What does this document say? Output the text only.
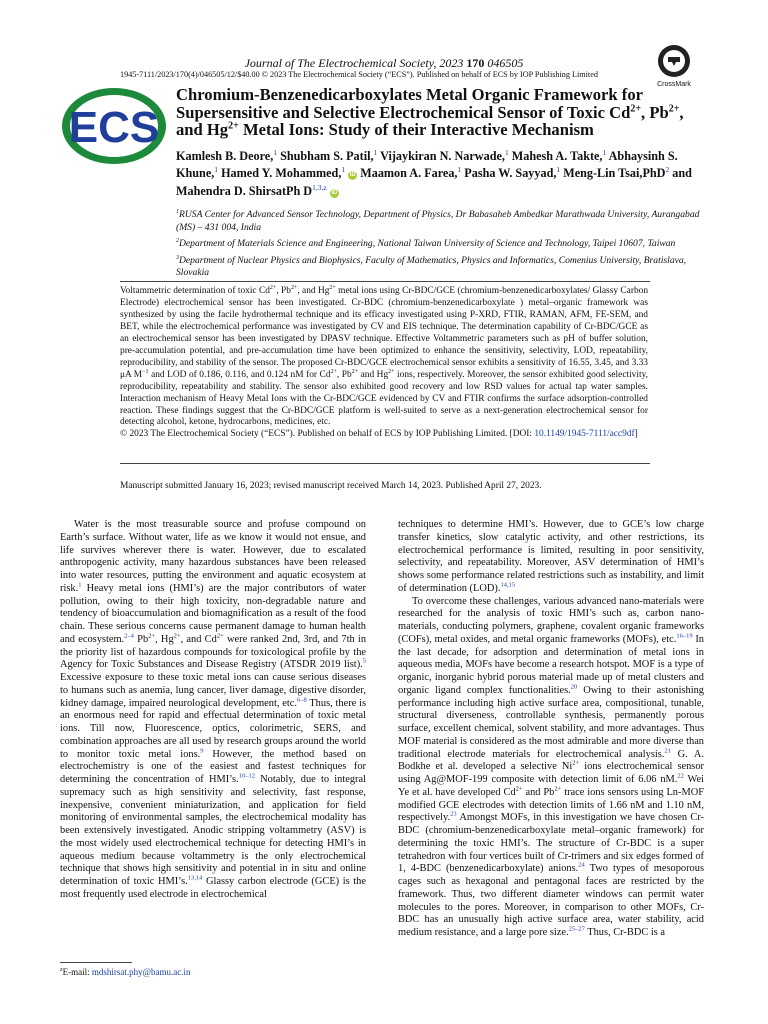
Journal of The Electrochemical Society, 2023 170 046505
1945-7111/2023/170(4)/046505/12/$40.00 © 2023 The Electrochemical Society (“ECS”). Published on behalf of ECS by IOP Publishing Limited
CrossMark
ECS
Chromium-Benzenedicarboxylates Metal Organic Framework for Supersensitive and Selective Electrochemical Sensor of Toxic $Cd^{2+}$, $Pb^{2+}$, and $Hg^{2+}$ Metal Ions: Study of their Interactive Mechanism
Kamlesh B. Deore,$^1$ Shubham S. Patil,$^1$ Vijaykiran N. Narwade,$^1$ Mahesh A. Takte,$^1$ Abhaysinh S. Khune,$^1$ Hamed Y. Mohammed,$^1$ iD Maamon A. Farea,$^1$ Pasha W. Sayyad,$^1$ Meng-Lin Tsai,PhD$^2$ and Mahendra D. ShirsatPh D$^{1,3,z}$ iD

$^1$RUSA Center for Advanced Sensor Technology, Department of Physics, Dr Babasaheb Ambedkar Marathwada University, Aurangabad (MS) – 431 004, India

$^2$Department of Materials Science and Engineering, National Taiwan University of Science and Technology, Taipei 10607, Taiwan

$^3$Department of Nuclear Physics and Biophysics, Faculty of Mathematics, Physics and Informatics, Comenius University, Bratislava, Slovakia

Voltammetric determination of toxic $Cd^{2+}$, $Pb^{2+}$, and $Hg^{2+}$ metal ions using Cr-BDC/GCE (chromium-benzenedicarboxylates/ Glassy Carbon Electrode) electrochemical sensor has been investigated. Cr-BDC (chromium-benzenedicarboxylate ) metal–organic framework was synthesized by using the facile hydrothermal technique and its efficacy investigated using P-XRD, FTIR, RAMAN, AFM, FE-SEM, and BET, while the electrochemical performance was investigated by CV and EIS technique. The determination capability of Cr-BDC/GCE as an electrochemical sensor has been investigated by DPASV technique. Effective Voltammetric parameters such as pH of buffer solution, pre-accumulation potential, and pre-accumulation time have been optimized to enhance the sensitivity, selectivity, LOD, repeatability, reproducibility, and stability of the sensor. The proposed Cr-BDC/GCE electrochemical sensor exhibits a sensitivity of 16.55, 3.45, and 3.33 μA $M^{-1}$ and LOD of 0.186, 0.116, and 0.124 nM for $Cd^{2+}$, $Pb^{2+}$ and $Hg^{2+}$ ions, respectively. Moreover, the sensor exhibited good selectivity, reproducibility, repeatability and stability. The sensor also exhibited good recovery and low RSD values for actual tap water samples. Interaction mechanism of Heavy Metal Ions with the Cr-BDC/GCE evidenced by CV and FTIR confirms the surface adsorption-controlled reaction. These findings suggest that the Cr-BDC/GCE platform is well-suited to serve as a next-generation electrochemical sensor for detecting alcohol, ketone, hydrocarbons, medicines, etc.

© 2023 The Electrochemical Society (“ECS”). Published on behalf of ECS by IOP Publishing Limited. [DOI: 10.1149/1945-7111/acc9df]

Manuscript submitted January 16, 2023; revised manuscript received March 14, 2023. Published April 27, 2023.

Water is the most treasurable source and profuse compound on Earth’s surface. Without water, life as we know it would not ensue, and life survives wherever there is water. However, due to escalated anthropogenic activity, many hazardous substances have been released into water resources, putting the environment and aquatic ecosystem at risk.$^1$ Heavy metal ions (HMI’s) are the major contributors of water pollution, owing to their high toxicity, non-degradable nature and tendency of bioaccumulation and biomagnification as a result of the food chain. These serious concerns cause permanent damage to human health and ecosystem.$^{2-4}$ $Pb^{2+}$, $Hg^{2+}$, and $Cd^{2+}$ were ranked 2nd, 3rd, and 7th in the priority list of hazardous compounds for toxicological profile by the Agency for Toxic Substances and Disease Registry (ATSDR 2019 list).$^5$ Excessive exposure to these toxic metal ions can cause serious diseases to humans such as anemia, lung cancer, liver damage, digestive disorder, kidney damage, impaired neurological development, etc.$^{6-8}$ Thus, there is an enormous need for rapid and effectual determination of toxic metal ions. Till now, Fluorescence, optics, colorimetric, SERS, and combination approaches are all used by research groups around the world to monitor toxic metal ions.$^9$ However, the method based on electrochemistry is one of the easiest and fastest techniques for determining the concentration of HMI’s.$^{10-12}$ Notably, due to integral supremacy such as high sensitivity and selectivity, fast response, inexpensive, convenient miniaturization, and application for field monitoring of environmental samples, the electrochemical modality has been extensively investigated. Anodic stripping voltammetry (ASV) is the most widely used electrochemical technique for detecting HMI’s in aqueous medium because voltammetry is the only electrochemical technique that shows high sensitivity and potential in in situ and online determination of toxic HMI’s.$^{13,14}$ Glassy carbon electrode (GCE) is the most frequently used electrode in electrochemical

techniques to determine HMI’s. However, due to GCE’s low charge transfer kinetics, slow catalytic activity, and other restrictions, its electrochemical performance is limited, resulting in poor sensitivity, selectivity, and repeatability. Moreover, ASV determination of HMI’s shows some performance related restrictions such as instability, and limit of determination (LOD).$^{14,15}$

To overcome these challenges, various advanced nano-materials were researched for the analysis of toxic HMI’s such as, carbon nano-materials, conducting polymers, graphene, covalent organic frameworks (COFs), metal oxides, and metal organic frameworks (MOFs), etc.$^{16-19}$ In the last decade, for adsorption and determination of metal ions in aqueous media, MOFs have become a research hotspot. MOF is a type of organic, inorganic hybrid porous material made up of metal clusters and organic ligand complex functionalities.$^{20}$ Owing to their astonishing performance including high active surface area, compositional, tunable, structural diverseness, controllable synthesis, permanently porous surface, excellent chemical, solvent stability, and more advantages. Thus MOF material is considered as the most admirable and more diverse than traditional electrode materials for electrochemical analysis.$^{21}$ G. A. Bodkhe et al. developed a selective $Ni^{2+}$ ions electrochemical sensor using Ag@MOF-199 composite with detection limit of 6.06 nM.$^{22}$ Wei Ye et al. have developed $Cd^{2+}$ and $Pb^{2+}$ trace ions sensors using Ln-MOF modified GCE electrodes with detection limits of 1.66 nM and 1.10 nM, respectively.$^{23}$ Amongst MOFs, in this investigation we have chosen Cr-BDC (chromium-benzenedicarboxylate metal–organic framework) for determining the toxic HMI’s. The structure of Cr-BDC is a super tetrahedron with four vertices built of Cr-trimers and six edges formed of 1, 4-BDC (benzenedicarboxylate) anions.$^{24}$ Two types of mesoporous cages such as hexagonal and pentagonal faces are restricted by the framework. Thus, two different diameter windows can permit water molecules to the pores. Moreover, in comparison to other MOFs, Cr-BDC has an unusually high active surface area, water stability, acid medium resistance, and a large pore size.$^{25-27}$ Thus, Cr-BDC is a

$^z$E-mail: mdshirsat.phy@bamu.ac.in
